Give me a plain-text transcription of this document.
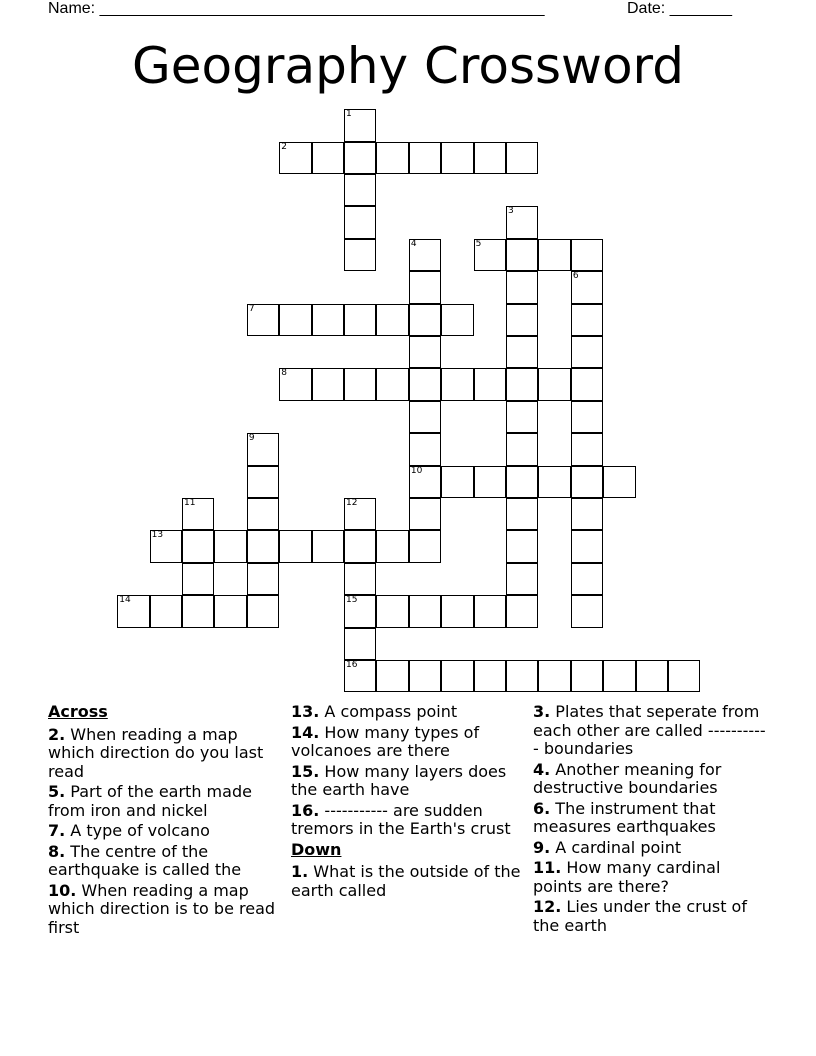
Name: __________________________________________________	Date: _______
Geography Crossword
1
2
3
4
10
5
6
7
8
9
11	12
15
16
13
14
Across
2. When reading a map which direction do you last read
5. Part of the earth made from iron and nickel
7. A type of volcano
8. The centre of the earthquake is called the
10. When reading a map which direction is to be read first
13. A compass point
14. How many types of volcanoes are there
15. How many layers does the earth have
16. ----------- are sudden tremors in the Earth's crust
Down
1. What is the outside of the earth called
3. Plates that seperate from each other are called ----------- boundaries
4. Another meaning for destructive boundaries
6. The instrument that measures earthquakes
9. A cardinal point
11. How many cardinal points are there?
12. Lies under the crust of the earth
